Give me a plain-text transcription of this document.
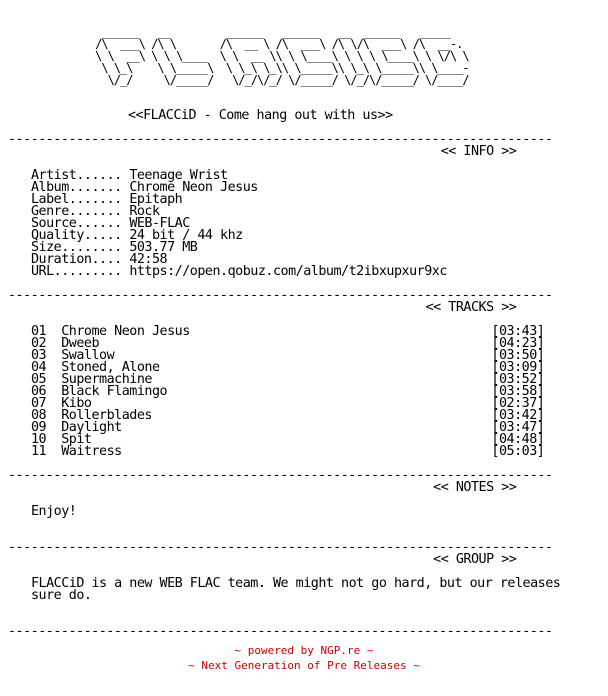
______   __         ______   ______   __  ______   _____
/\  ___\ /\ \       /\  __ \ /\  ___\ /\ \/\  ___\ /\  __-.
\ \  __\ \ \ \____  \ \  __ \\ \ \____\ \ \ \ \____\ \ \/\ \
\ \_\    \ \_____\  \ \_\ \_\\ \_____\\ \_\ \_____\\ \____-
\/_/     \/_____/   \/_/\/_/ \/_____/ \/_/\/_____/ \/____/
<<FLACCiD - Come hang out with us>>
------------------------------------------------------------------------
<< INFO >>
Artist...... Teenage Wrist
Album....... Chrome Neon Jesus
Label....... Epitaph
Genre....... Rock
Source...... WEB-FLAC
Quality..... 24 bit / 44 khz
Size........ 503.77 MB
Duration.... 42:58
URL......... https://open.qobuz.com/album/t2ibxupxur9xc
------------------------------------------------------------------------
<< TRACKS >>
01 Chrome Neon Jesus	[03:43]
02 Dweeb	[04:23]
03 Swallow	[03:50]
04 Stoned, Alone	[03:09]
05 Supermachine	[03:52]
06 Black Flamingo	[03:58]
07 Kibo	[02:37]
08 Rollerblades	[03:42]
09 Daylight	[03:47]
10 Spit	[04:48]
11 Waitress	[05:03]
------------------------------------------------------------------------
<< NOTES >>
Enjoy!
------------------------------------------------------------------------
<< GROUP >>
FLACCiD is a new WEB FLAC team. We might not go hard, but our releases
sure do.
------------------------------------------------------------------------
~ powered by NGP.re ~
~ Next Generation of Pre Releases ~
